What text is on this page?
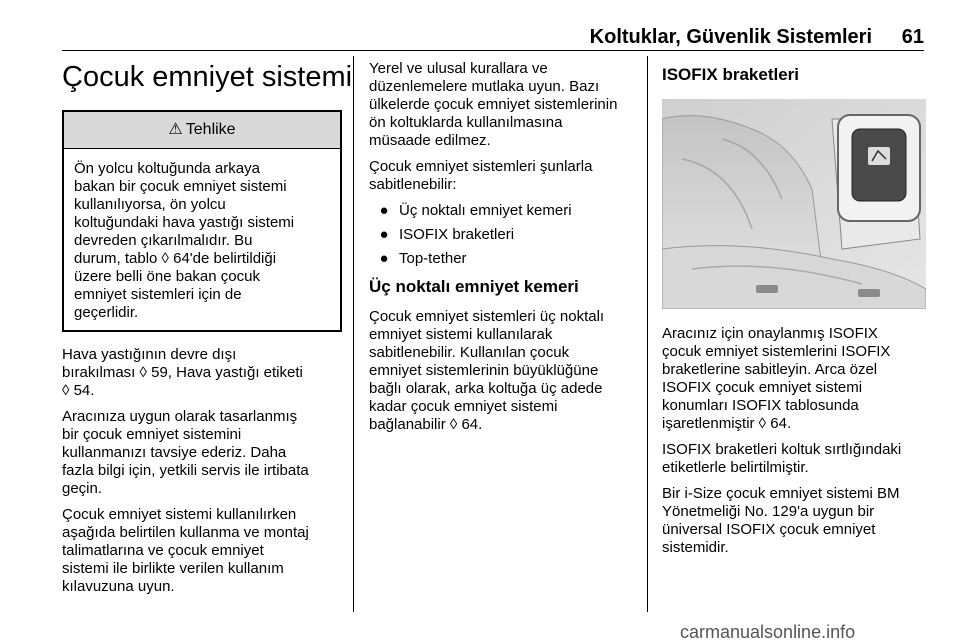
Koltuklar, Güvenlik Sistemleri 61
Çocuk emniyet sistemi
⚠ Tehlike
Ön yolcu koltuğunda arkaya
bakan bir çocuk emniyet sistemi
kullanılıyorsa, ön yolcu
koltuğundaki hava yastığı sistemi
devreden çıkarılmalıdır. Bu
durum, tablo ◊ 64'de belirtildiği
üzere belli öne bakan çocuk
emniyet sistemleri için de
geçerlidir.

Hava yastığının devre dışı
bırakılması ◊ 59, Hava yastığı etiketi
◊ 54.

Aracınıza uygun olarak tasarlanmış
bir çocuk emniyet sistemini
kullanmanızı tavsiye ederiz. Daha
fazla bilgi için, yetkili servis ile irtibata
geçin.

Çocuk emniyet sistemi kullanılırken
aşağıda belirtilen kullanma ve montaj
talimatlarına ve çocuk emniyet
sistemi ile birlikte verilen kullanım
kılavuzuna uyun.

Yerel ve ulusal kurallara ve
düzenlemelere mutlaka uyun. Bazı
ülkelerde çocuk emniyet sistemlerinin
ön koltuklarda kullanılmasına
müsaade edilmez.

Çocuk emniyet sistemleri şunlarla
sabitlenebilir:

● Üç noktalı emniyet kemeri
● ISOFIX braketleri
● Top-tether
Üç noktalı emniyet kemeri

Çocuk emniyet sistemleri üç noktalı
emniyet sistemi kullanılarak
sabitlenebilir. Kullanılan çocuk
emniyet sistemlerinin büyüklüğüne
bağlı olarak, arka koltuğa üç adede
kadar çocuk emniyet sistemi
bağlanabilir ◊ 64.

ISOFIX braketleri

Aracınız için onaylanmış ISOFIX
çocuk emniyet sistemlerini ISOFIX
braketlerine sabitleyin. Arca özel
ISOFIX çocuk emniyet sistemi
konumları ISOFIX tablosunda
işaretlenmiştir ◊ 64.

ISOFIX braketleri koltuk sırtlığındaki
etiketlerle belirtilmiştir.

Bir i-Size çocuk emniyet sistemi BM
Yönetmeliği No. 129'a uygun bir
üniversal ISOFIX çocuk emniyet
sistemidir.

carmanualsonline.info
